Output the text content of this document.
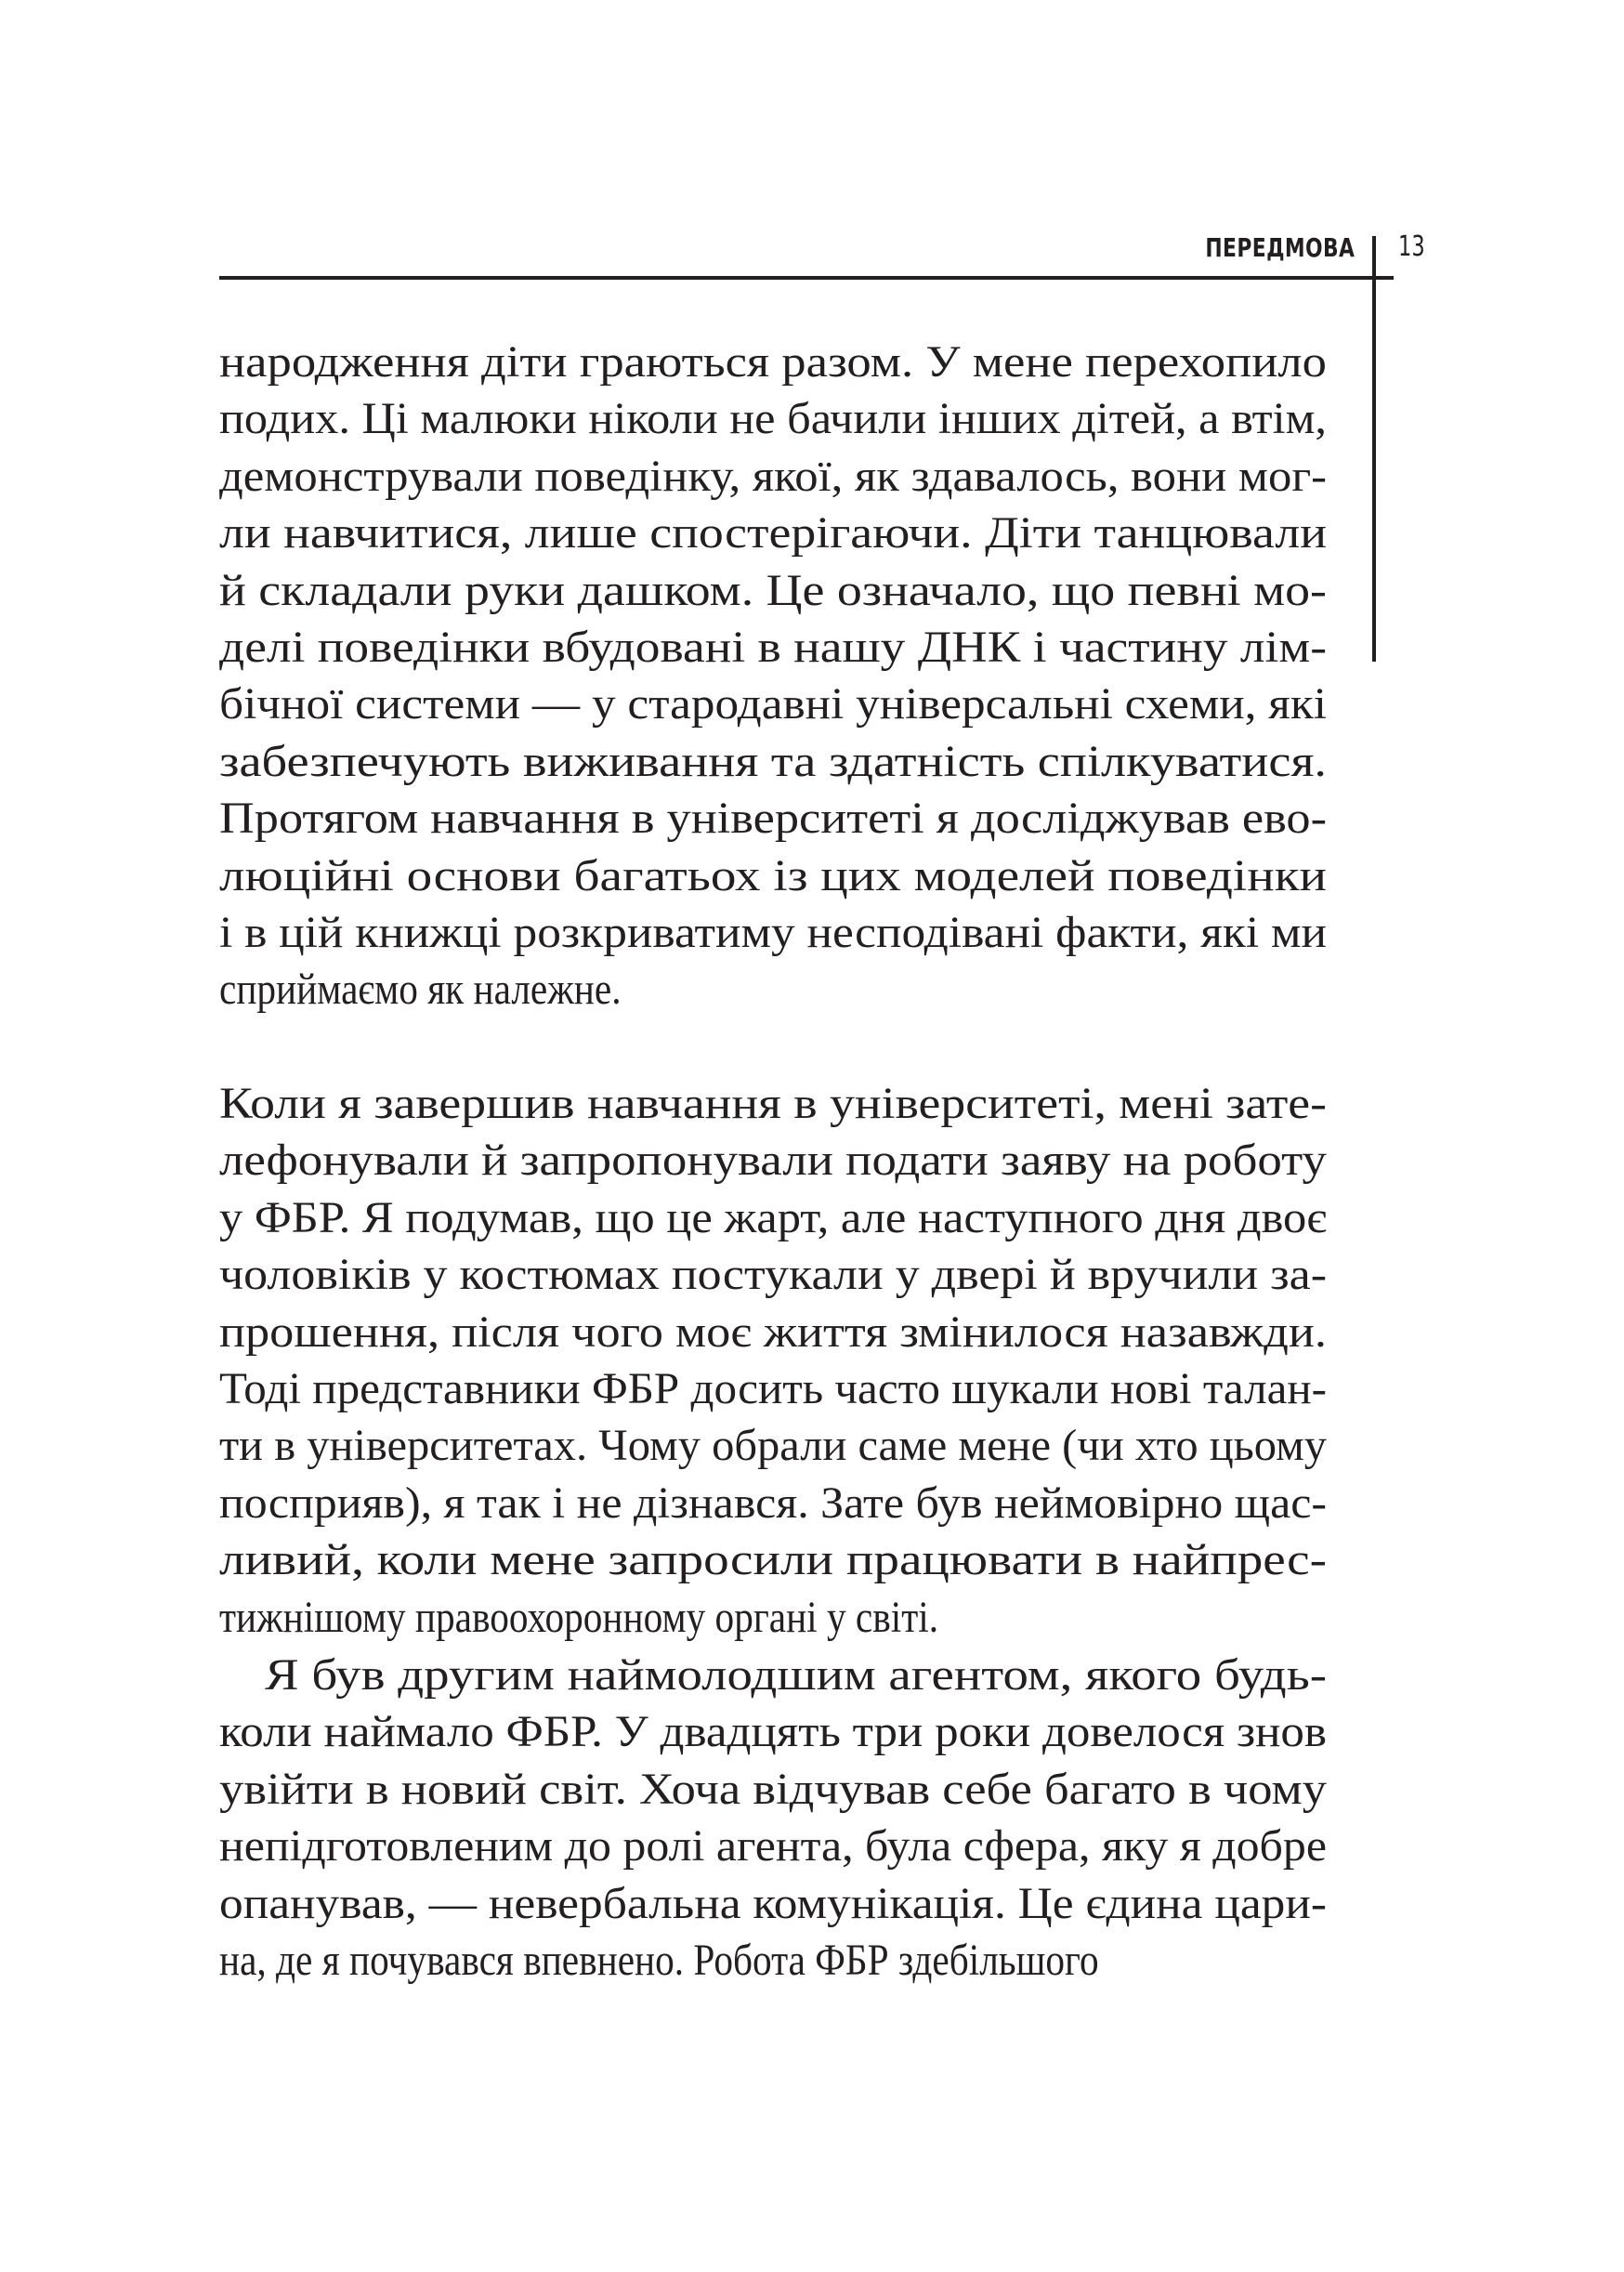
ПЕРЕДМОВА 13
народження діти граються разом. У мене перехопило
подих. Ці малюки ніколи не бачили інших дітей, а втім,
демонстрували поведінку, якої, як здавалось, вони мог-
ли навчитися, лише спостерігаючи. Діти танцювали
й складали руки дашком. Це означало, що певні мо-
делі поведінки вбудовані в нашу ДНК і частину лім-
бічної системи — у стародавні універсальні схеми, які
забезпечують виживання та здатність спілкуватися.
Протягом навчання в університеті я досліджував ево-
люційні основи багатьох із цих моделей поведінки
і в цій книжці розкриватиму несподівані факти, які ми
сприймаємо як належне.
Коли я завершив навчання в університеті, мені зате-
лефонували й запропонували подати заяву на роботу
у ФБР. Я подумав, що це жарт, але наступного дня двоє
чоловіків у костюмах постукали у двері й вручили за-
прошення, після чого моє життя змінилося назавжди.
Тоді представники ФБР досить часто шукали нові талан-
ти в університетах. Чому обрали саме мене (чи хто цьому
посприяв), я так і не дізнався. Зате був неймовірно щас-
ливий, коли мене запросили працювати в найпрес-
тижнішому правоохоронному органі у світі.
Я був другим наймолодшим агентом, якого будь-
коли наймало ФБР. У двадцять три роки довелося знов
увійти в новий світ. Хоча відчував себе багато в чому
непідготовленим до ролі агента, була сфера, яку я добре
опанував, — невербальна комунікація. Це єдина цари-
на, де я почувався впевнено. Робота ФБР здебільшого
